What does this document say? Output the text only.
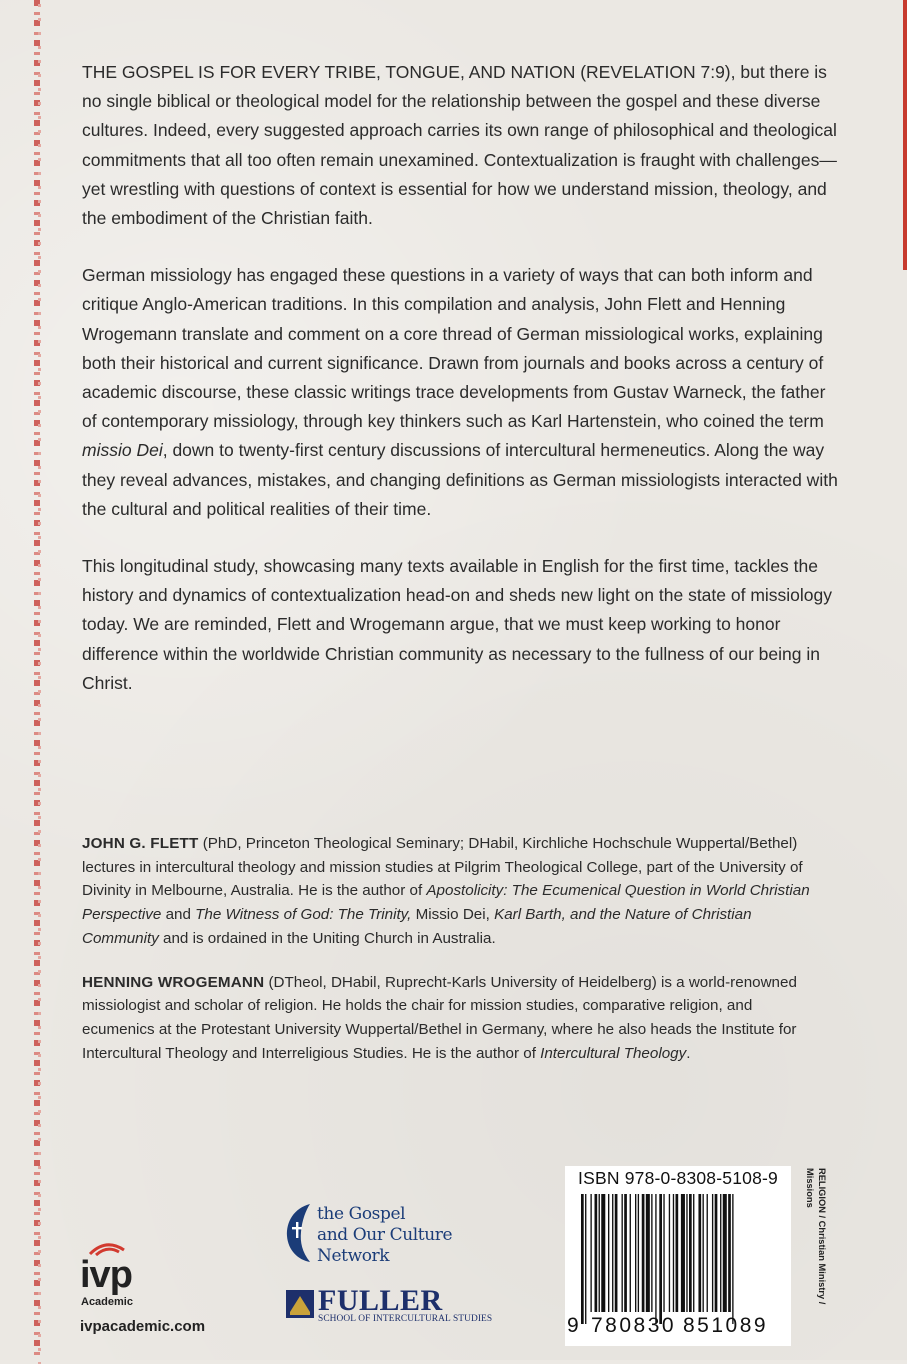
THE GOSPEL IS FOR EVERY TRIBE, TONGUE, AND NATION (REVELATION 7:9), but there is no single biblical or theological model for the relationship between the gospel and these diverse cultures. Indeed, every suggested approach carries its own range of philosophical and theological commitments that all too often remain unexamined. Contextualization is fraught with challenges—yet wrestling with questions of context is essential for how we understand mission, theology, and the embodiment of the Christian faith.

German missiology has engaged these questions in a variety of ways that can both inform and critique Anglo-American traditions. In this compilation and analysis, John Flett and Henning Wrogemann translate and comment on a core thread of German missiological works, explaining both their historical and current significance. Drawn from journals and books across a century of academic discourse, these classic writings trace developments from Gustav Warneck, the father of contemporary missiology, through key thinkers such as Karl Hartenstein, who coined the term missio Dei, down to twenty-first century discussions of intercultural hermeneutics. Along the way they reveal advances, mistakes, and changing definitions as German missiologists interacted with the cultural and political realities of their time.

This longitudinal study, showcasing many texts available in English for the first time, tackles the history and dynamics of contextualization head-on and sheds new light on the state of missiology today. We are reminded, Flett and Wrogemann argue, that we must keep working to honor difference within the worldwide Christian community as necessary to the fullness of our being in Christ.

JOHN G. FLETT (PhD, Princeton Theological Seminary; DHabil, Kirchliche Hochschule Wuppertal/Bethel) lectures in intercultural theology and mission studies at Pilgrim Theological College, part of the University of Divinity in Melbourne, Australia. He is the author of Apostolicity: The Ecumenical Question in World Christian Perspective and The Witness of God: The Trinity, Missio Dei, Karl Barth, and the Nature of Christian Community and is ordained in the Uniting Church in Australia.

HENNING WROGEMANN (DTheol, DHabil, Ruprecht-Karls University of Heidelberg) is a world-renowned missiologist and scholar of religion. He holds the chair for mission studies, comparative religion, and ecumenics at the Protestant University Wuppertal/Bethel in Germany, where he also heads the Institute for Intercultural Theology and Interreligious Studies. He is the author of Intercultural Theology.

ivp
Academic
ivpacademic.com
the Gospel
and Our Culture
Network
FULLER
SCHOOL OF INTERCULTURAL STUDIES
ISBN 978-0-8308-5108-9
9 780830 851089
RELIGION / Christian Ministry /
Missions
